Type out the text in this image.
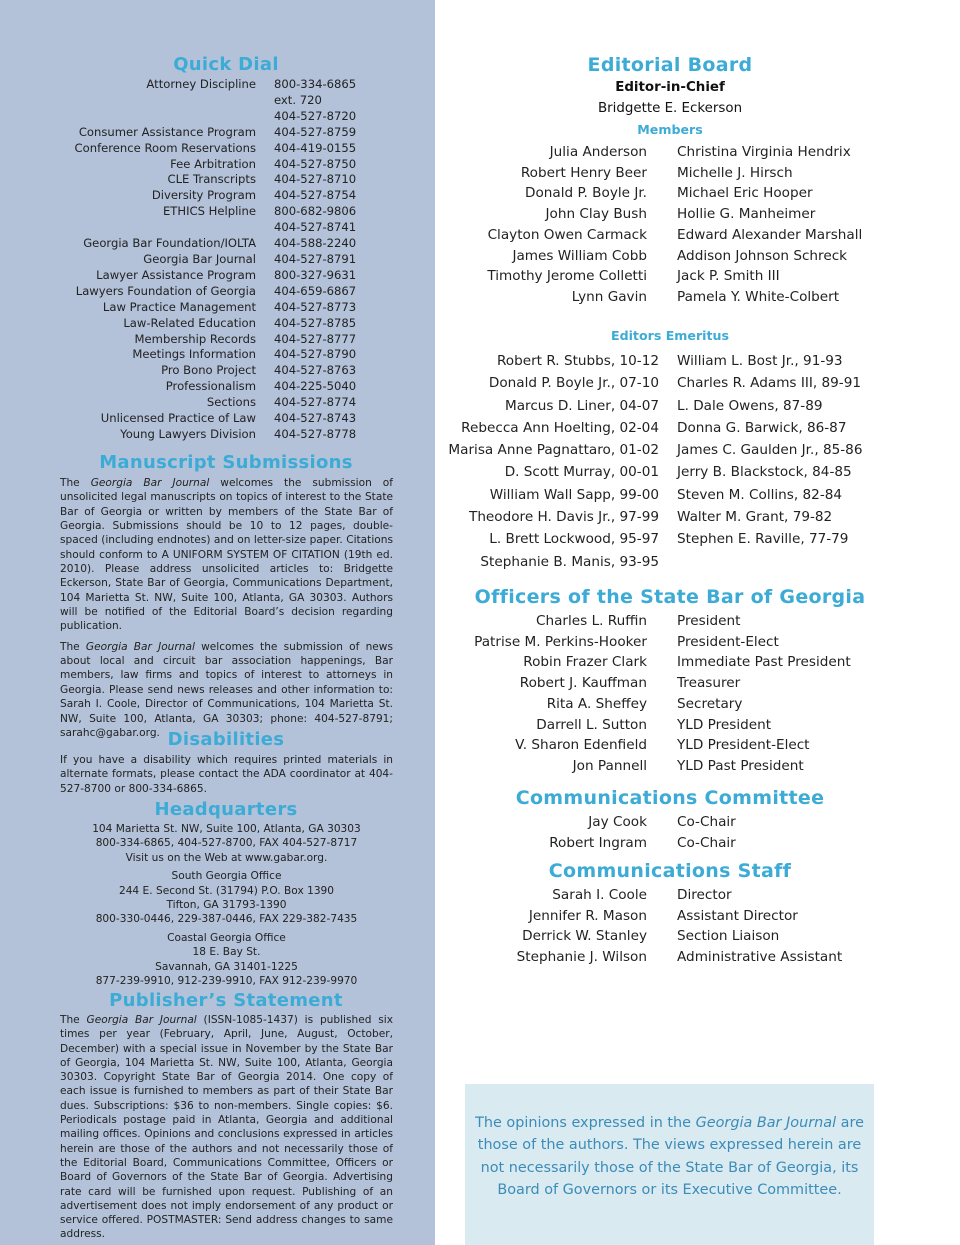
Quick Dial
Attorney Discipline 800-334-6865
ext. 720
404-527-8720
Consumer Assistance Program 404-527-8759
Conference Room Reservations 404-419-0155
Fee Arbitration 404-527-8750
CLE Transcripts 404-527-8710
Diversity Program 404-527-8754
ETHICS Helpline 800-682-9806
404-527-8741
Georgia Bar Foundation/IOLTA 404-588-2240
Georgia Bar Journal 404-527-8791
Lawyer Assistance Program 800-327-9631
Lawyers Foundation of Georgia 404-659-6867
Law Practice Management 404-527-8773
Law-Related Education 404-527-8785
Membership Records 404-527-8777
Meetings Information 404-527-8790
Pro Bono Project 404-527-8763
Professionalism 404-225-5040
Sections 404-527-8774
Unlicensed Practice of Law 404-527-8743
Young Lawyers Division 404-527-8778
Manuscript Submissions

The Georgia Bar Journal welcomes the submission of unsolicited legal manuscripts on topics of interest to the State Bar of Georgia or written by members of the State Bar of Georgia. Submissions should be 10 to 12 pages, double-spaced (including endnotes) and on letter-size paper. Citations should conform to A UNIFORM SYSTEM OF CITATION (19th ed. 2010). Please address unsolicited articles to: Bridgette Eckerson, State Bar of Georgia, Communications Department, 104 Marietta St. NW, Suite 100, Atlanta, GA 30303. Authors will be notified of the Editorial Board’s decision regarding publication.

The Georgia Bar Journal welcomes the submission of news about local and circuit bar association happenings, Bar members, law firms and topics of interest to attorneys in Georgia. Please send news releases and other information to: Sarah I. Coole, Director of Communications, 104 Marietta St. NW, Suite 100, Atlanta, GA 30303; phone: 404-527-8791; sarahc@gabar.org. Disabilities
If you have a disability which requires printed materials in alternate formats, please contact the ADA coordinator at 404-527-8700 or 800-334-6865.
Headquarters
104 Marietta St. NW, Suite 100, Atlanta, GA 30303
800-334-6865, 404-527-8700, FAX 404-527-8717
Visit us on the Web at www.gabar.org.
South Georgia Office
244 E. Second St. (31794) P.O. Box 1390
Tifton, GA 31793-1390
800-330-0446, 229-387-0446, FAX 229-382-7435
Coastal Georgia Office
18 E. Bay St.
Savannah, GA 31401-1225
877-239-9910, 912-239-9910, FAX 912-239-9970
Publisher’s Statement
The Georgia Bar Journal (ISSN-1085-1437) is published six times per year (February, April, June, August, October, December) with a special issue in November by the State Bar of Georgia, 104 Marietta St. NW, Suite 100, Atlanta, Georgia 30303. Copyright State Bar of Georgia 2014. One copy of each issue is furnished to members as part of their State Bar dues. Subscriptions: $36 to non-members. Single copies: $6. Periodicals postage paid in Atlanta, Georgia and additional mailing offices. Opinions and conclusions expressed in articles herein are those of the authors and not necessarily those of the Editorial Board, Communications Committee, Officers or Board of Governors of the State Bar of Georgia. Advertising rate card will be furnished upon request. Publishing of an advertisement does not imply endorsement of any product or service offered. POSTMASTER: Send address changes to same address.
Editorial Board
Editor-in-Chief
Bridgette E. Eckerson
Members
Julia Anderson Christina Virginia Hendrix
Robert Henry Beer Michelle J. Hirsch
Donald P. Boyle Jr. Michael Eric Hooper
John Clay Bush Hollie G. Manheimer
Clayton Owen Carmack Edward Alexander Marshall
James William Cobb Addison Johnson Schreck
Timothy Jerome Colletti Jack P. Smith III
Lynn Gavin Pamela Y. White-Colbert
Editors Emeritus
Robert R. Stubbs, 10-12 William L. Bost Jr., 91-93
Donald P. Boyle Jr., 07-10 Charles R. Adams III, 89-91
Marcus D. Liner, 04-07 L. Dale Owens, 87-89
Rebecca Ann Hoelting, 02-04 Donna G. Barwick, 86-87
Marisa Anne Pagnattaro, 01-02 James C. Gaulden Jr., 85-86
D. Scott Murray, 00-01 Jerry B. Blackstock, 84-85
William Wall Sapp, 99-00 Steven M. Collins, 82-84
Theodore H. Davis Jr., 97-99 Walter M. Grant, 79-82
L. Brett Lockwood, 95-97 Stephen E. Raville, 77-79
Stephanie B. Manis, 93-95
Officers of the State Bar of Georgia
Charles L. Ruffin President
Patrise M. Perkins-Hooker President-Elect
Robin Frazer Clark Immediate Past President
Robert J. Kauffman Treasurer
Rita A. Sheffey Secretary
Darrell L. Sutton YLD President
V. Sharon Edenfield YLD President-Elect
Jon Pannell YLD Past President
Communications Committee
Jay Cook Co-Chair
Robert Ingram Co-Chair
Communications Staff
Sarah I. Coole Director
Jennifer R. Mason Assistant Director
Derrick W. Stanley Section Liaison
Stephanie J. Wilson Administrative Assistant
The opinions expressed in the Georgia Bar Journal are those of the authors. The views expressed herein are not necessarily those of the State Bar of Georgia, its Board of Governors or its Executive Committee.
